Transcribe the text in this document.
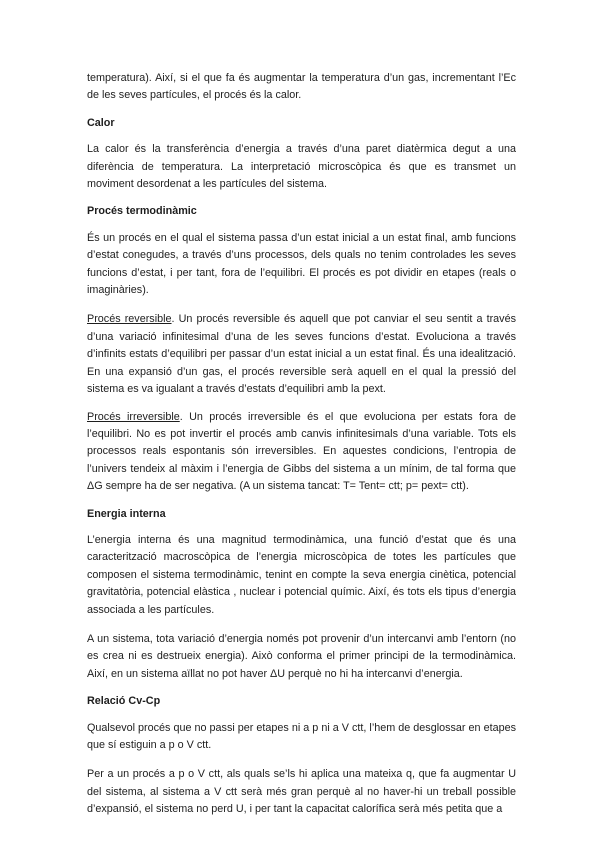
temperatura). Així, si el que fa és augmentar la temperatura d’un gas, incrementant l’Ec de les seves partícules, el procés és la calor.

Calor

La calor és la transferència d’energia a través d’una paret diatèrmica degut a una diferència de temperatura. La interpretació microscòpica és que es transmet un moviment desordenat a les partícules del sistema.

Procés termodinàmic

És un procés en el qual el sistema passa d’un estat inicial a un estat final, amb funcions d’estat conegudes, a través d’uns processos, dels quals no tenim controlades les seves funcions d’estat, i per tant, fora de l’equilibri. El procés es pot dividir en etapes (reals o imaginàries).

Procés reversible. Un procés reversible és aquell que pot canviar el seu sentit a través d’una variació infinitesimal d’una de les seves funcions d’estat. Evoluciona a través d’infinits estats d’equilibri per passar d’un estat inicial a un estat final. És una idealització. En una expansió d’un gas, el procés reversible serà aquell en el qual la pressió del sistema es va igualant a través d’estats d’equilibri amb la pext.

Procés irreversible. Un procés irreversible és el que evoluciona per estats fora de l’equilibri. No es pot invertir el procés amb canvis infinitesimals d’una variable. Tots els processos reals espontanis són irreversibles. En aquestes condicions, l’entropia de l’univers tendeix al màxim i l’energia de Gibbs del sistema a un mínim, de tal forma que ΔG sempre ha de ser negativa. (A un sistema tancat: T= Tent= ctt; p= pext= ctt).

Energia interna

L’energia interna és una magnitud termodinàmica, una funció d’estat que és una caracterització macroscòpica de l’energia microscòpica de totes les partícules que composen el sistema termodinàmic, tenint en compte la seva energia cinètica, potencial gravitatòria, potencial elàstica , nuclear i potencial químic. Així, és tots els tipus d’energia associada a les partícules.

A un sistema, tota variació d’energia només pot provenir d’un intercanvi amb l’entorn (no es crea ni es destrueix energia). Això conforma el primer principi de la termodinàmica. Així, en un sistema aïllat no pot haver ΔU perquè no hi ha intercanvi d’energia.

Relació Cv-Cp

Qualsevol procés que no passi per etapes ni a p ni a V ctt, l’hem de desglossar en etapes que sí estiguin a p o V ctt.

Per a un procés a p o V ctt, als quals se’ls hi aplica una mateixa q, que fa augmentar U del sistema, al sistema a V ctt serà més gran perquè al no haver-hi un treball possible d’expansió, el sistema no perd U, i per tant la capacitat calorífica serà més petita que a
